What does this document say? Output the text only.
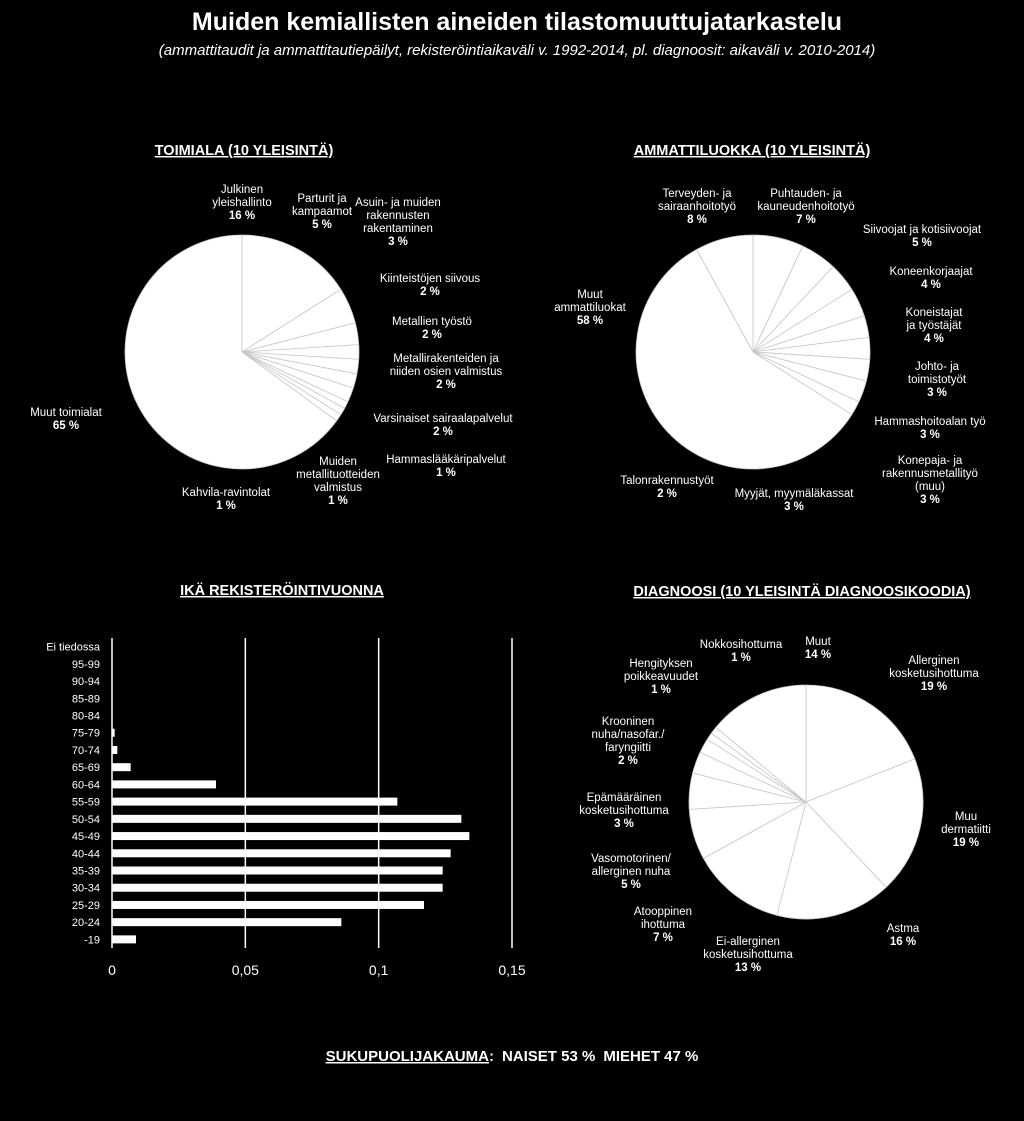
Muiden kemiallisten aineiden tilastomuuttujatarkastelu
(ammattitaudit ja ammattitautiepäilyt, rekisteröintiaikaväli v. 1992-2014, pl. diagnoosit: aikaväli v. 2010-2014)
TOIMIALA (10 YLEISINTÄ)	AMMATTILUOKKA (10 YLEISINTÄ)
IKÄ REKISTERÖINTIVUONNA	DIAGNOOSI (10 YLEISINTÄ DIAGNOOSIKOODIA)
Julkinen yleishallinto 16 %
Parturit ja kampaamot 5 %
Asuin- ja muiden rakennusten rakentaminen 3 %
Kiinteistöjen siivous 2 %
Metallien työstö 2 %
Metallirakenteiden ja niiden osien valmistus 2 %
Varsinaiset sairaalapalvelut 2 %
Hammaslääkäripalvelut 1 %
Muiden metallituotteiden valmistus 1 %
Kahvila-ravintolat 1 %
Muut toimialat 65 %
Puhtauden- ja kauneudenhoitotyö 7 %
Siivoojat ja kotisiivoojat 5 %
Koneenkorjaajat 4 %
Koneistajat ja työstäjät 4 %
Johto- ja toimistotyöt 3 %
Hammashoitoalan työ 3 %
Konepaja- ja rakennusmetallityö (muu) 3 %
Myyjät, myymäläkassat 3 %
Talonrakennustyöt 2 %
Muut ammattiluokat 58 %
Terveyden- ja sairaanhoitotyö 8 %
0	0,05	0,1	0,15
Ei tiedossa
95-99
90-94
85-89
80-84
75-79
70-74
65-69
60-64
55-59
50-54
45-49
40-44
35-39
30-34
25-29
20-24
-19
Allerginen kosketusihottuma 19 %
Muu dermatiitti 19 %
Astma 16 %
Ei-allerginen kosketusihottuma 13 %
Atooppinen ihottuma 7 %
Vasomotorinen/ allerginen nuha 5 %
Epämääräinen kosketusihottuma 3 %
Krooninen nuha/nasofar./ faryngiitti 2 %
Hengityksen poikkeavuudet 1 %
Nokkosihottuma 1 %
Muut 14 %
SUKUPUOLIJAKAUMA: NAISET 53 % MIEHET 47 %
